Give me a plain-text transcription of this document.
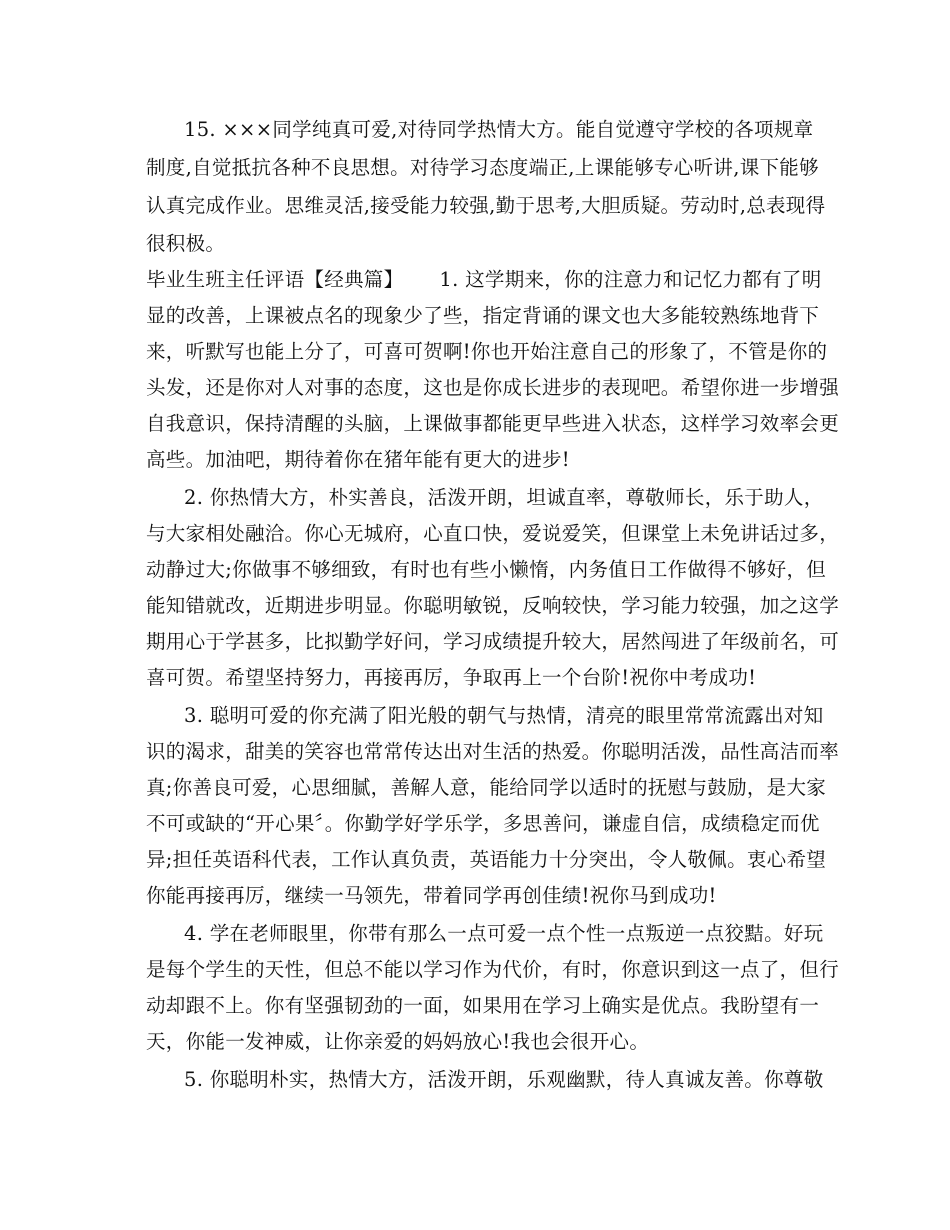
15. ×××同学纯真可爱,对待同学热情大方。能自觉遵守学校的各项规章
制度,自觉抵抗各种不良思想。对待学习态度端正,上课能够专心听讲,课下能够
认真完成作业。思维灵活,接受能力较强,勤于思考,大胆质疑。劳动时,总表现得
很积极。
毕业生班主任评语【经典篇】 1. 这学期来，你的注意力和记忆力都有了明
显的改善，上课被点名的现象少了些，指定背诵的课文也大多能较熟练地背下
来，听默写也能上分了，可喜可贺啊!你也开始注意自己的形象了，不管是你的
头发，还是你对人对事的态度，这也是你成长进步的表现吧。希望你进一步增强
自我意识，保持清醒的头脑，上课做事都能更早些进入状态，这样学习效率会更
高些。加油吧，期待着你在猪年能有更大的进步!
2. 你热情大方，朴实善良，活泼开朗，坦诚直率，尊敬师长，乐于助人，
与大家相处融洽。你心无城府，心直口快，爱说爱笑，但课堂上未免讲话过多，
动静过大;你做事不够细致，有时也有些小懒惰，内务值日工作做得不够好，但
能知错就改，近期进步明显。你聪明敏锐，反响较快，学习能力较强，加之这学
期用心于学甚多，比拟勤学好问，学习成绩提升较大，居然闯进了年级前名，可
喜可贺。希望坚持努力，再接再厉，争取再上一个台阶!祝你中考成功!
3. 聪明可爱的你充满了阳光般的朝气与热情，清亮的眼里常常流露出对知
识的渴求，甜美的笑容也常常传达出对生活的热爱。你聪明活泼，品性高洁而率
真;你善良可爱，心思细腻，善解人意，能给同学以适时的抚慰与鼓励，是大家
不可或缺的“开心果〞。你勤学好学乐学，多思善问，谦虚自信，成绩稳定而优
异;担任英语科代表，工作认真负责，英语能力十分突出，令人敬佩。衷心希望
你能再接再厉，继续一马领先，带着同学再创佳绩!祝你马到成功!
4. 学在老师眼里，你带有那么一点可爱一点个性一点叛逆一点狡黠。好玩
是每个学生的天性，但总不能以学习作为代价，有时，你意识到这一点了，但行
动却跟不上。你有坚强韧劲的一面，如果用在学习上确实是优点。我盼望有一
天，你能一发神威，让你亲爱的妈妈放心!我也会很开心。
5. 你聪明朴实，热情大方，活泼开朗，乐观幽默，待人真诚友善。你尊敬
